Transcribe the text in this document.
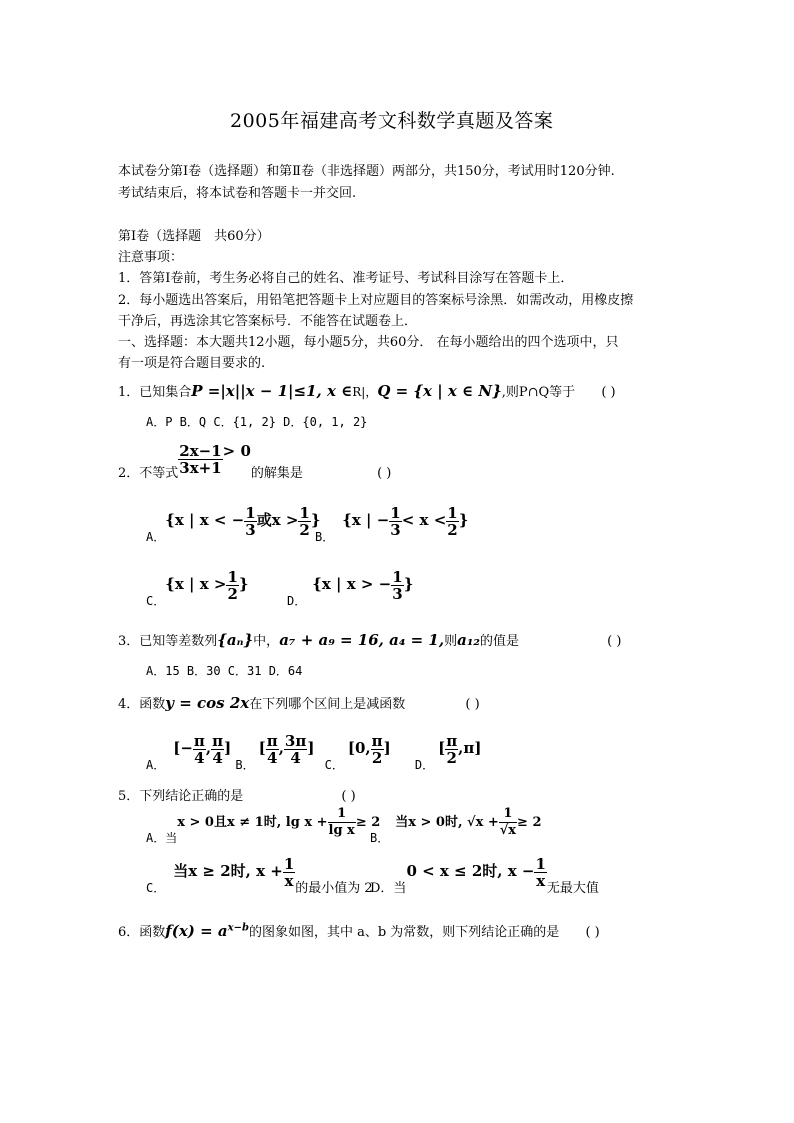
2005年福建高考文科数学真题及答案
本试卷分第Ⅰ卷（选择题）和第Ⅱ卷（非选择题）两部分，共150分，考试用时120分钟.
考试结束后，将本试卷和答题卡一并交回.
第Ⅰ卷（选择题　共60分）
注意事项：
1．答第Ⅰ卷前，考生务必将自己的姓名、准考证号、考试科目涂写在答题卡上．
2．每小题选出答案后，用铅笔把答题卡上对应题目的答案标号涂黑．如需改动，用橡皮擦
干净后，再选涂其它答案标号．不能答在试题卷上．
一、选择题：本大题共12小题，每小题5分，共60分． 在每小题给出的四个选项中，只
有一项是符合题目要求的.
1．已知集合P =|x||x − 1|≤1, x ∈R|，Q = {x | x ∈ N},则P∩Q等于 ( )
A．P B．Q C．{1, 2} D．{0, 1, 2}
2．不等式 $\frac{2x-1}{3x+1} > 0$的解集是	( )
A．{x | x < − $\frac{1}{3}$ 或$x > \frac{1}{2}$ }
B．{x | − $\frac{1}{3} < x < \frac{1}{2}$ }
C．{x | $x > \frac{1}{2}$ }
D．{x | x > − $\frac{1}{3}$ }
3．已知等差数列{aₙ}中，a₇ + a₉ = 16, a₄ = 1,则a₁₂的值是	( )
A．15 B．30 C．31 D．64
4．函数y = cos 2x在下列哪个区间上是减函数	( )
A．[− $\frac{\pi}{4}$ , $\frac{\pi}{4}$ ] B．[ $\frac{\pi}{4}$ , $\frac{3\pi}{4}$ ] C．[0, $\frac{\pi}{2}$ ] D．[ $\frac{\pi}{2} ,\pi$]
5．下列结论正确的是	( )
A．当x > 0且x ≠ 1时, $\lg x + \frac{1}{\text{lg x}} \ge 2$
B．当x > 0时, $√x + \frac{1}{√x} \ge 2$
C．当x ≥ 2时, $x + \frac{1}{x}$ 的最小值为 2
D．当0 < x ≤ 2时, $x - \frac{1}{x}$ 无最大值
6．函数$f(x) = a^{x-b}$的图象如图，其中 a、b 为常数，则下列结论正确的是 ( )
